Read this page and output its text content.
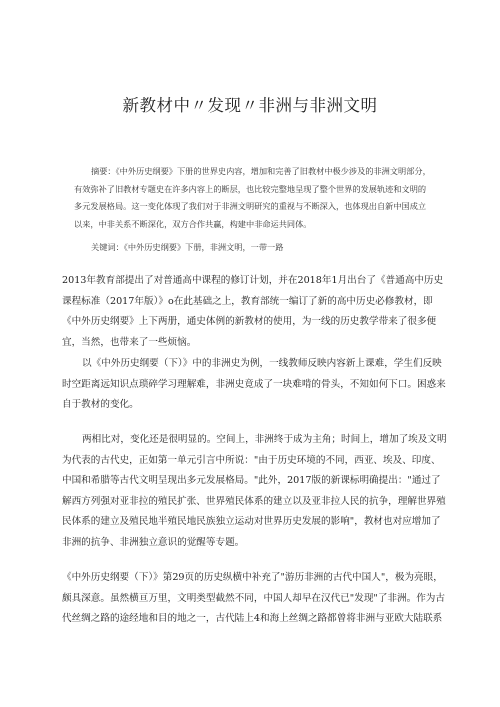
新教材中〃发现〃非洲与非洲文明
摘要：《中外历史纲要》下册的世界史内容，增加和完善了旧教材中极少涉及的非洲文明部分，有效弥补了旧教材专题史在许多内容上的断层，也比较完整地呈现了整个世界的发展轨迹和文明的多元发展格局。这一变化体现了我们对于非洲文明研究的重视与不断深入，也体现出自新中国成立以来，中非关系不断深化，双方合作共赢，构建中非命运共同体。
关键词：《中外历史纲要》下册，非洲文明，一带一路
2013年教育部提出了对普通高中课程的修订计划，并在2018年1月出台了《普通高中历史课程标准（2017年版）》o在此基础之上，教育部统一编订了新的高中历史必修教材，即《中外历史纲要》上下两册，通史体例的新教材的使用，为一线的历史教学带来了很多便宜，当然，也带来了一些烦恼。
以《中外历史纲要（下）》中的非洲史为例，一线教师反映内容新上课难，学生们反映时空距离远知识点琐碎学习理解难，非洲史竟成了一块难啃的骨头，不知如何下口。困惑来自于教材的变化。
两相比对，变化还是很明显的。空间上，非洲终于成为主角；时间上，增加了埃及文明为代表的古代史，正如第一单元引言中所说："由于历史环境的不同，西亚、埃及、印度、中国和希腊等古代文明呈现出多元发展格局。"此外，2017版的新课标明确提出："通过了解西方列强对亚非拉的殖民扩张、世界殖民体系的建立以及亚非拉人民的抗争，理解世界殖民体系的建立及殖民地半殖民地民族独立运动对世界历史发展的影响"，教材也对应增加了非洲的抗争、非洲独立意识的觉醒等专题。
《中外历史纲要（下）》第29页的历史纵横中补充了"游历非洲的古代中国人"，极为亮眼，颇具深意。虽然横亘万里，文明类型截然不同，中国人却早在汉代已"发现"了非洲。作为古代丝绸之路的途经地和目的地之一，古代陆上4和海上丝绸之路都曾将非洲与亚欧大陆联系
